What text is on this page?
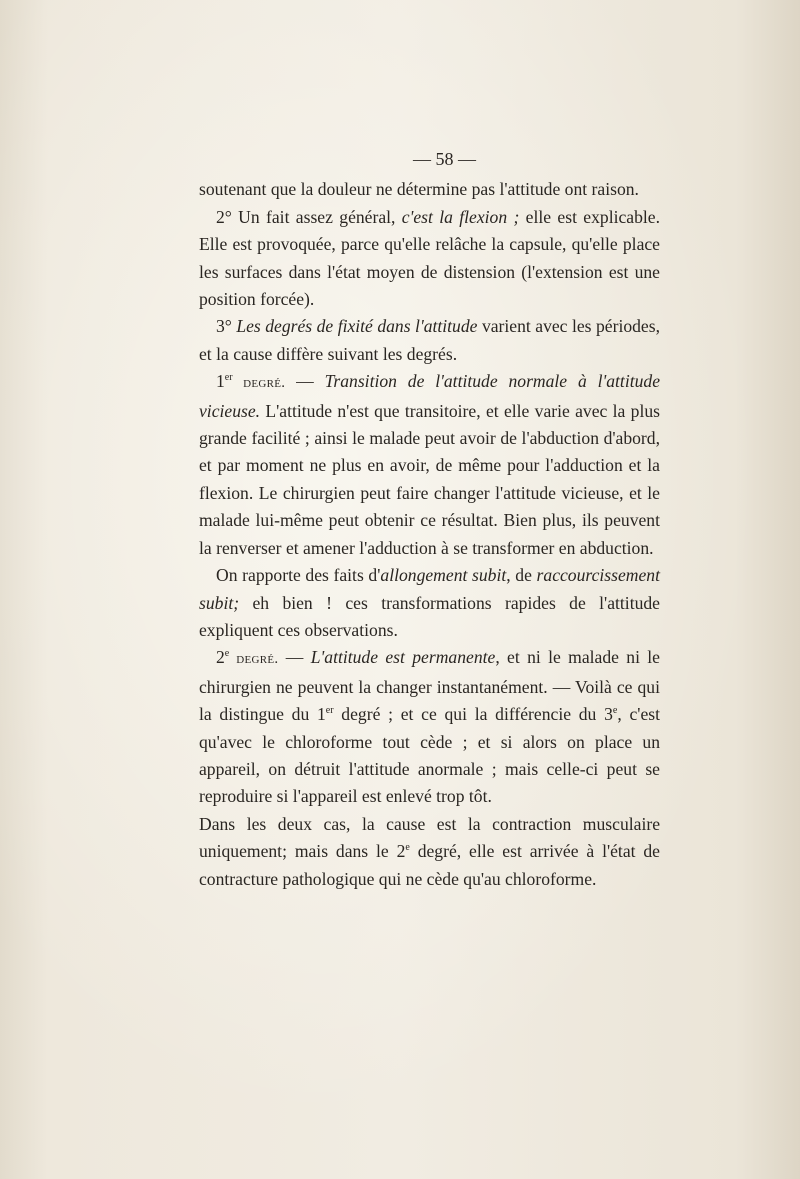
— 58 —

soutenant que la douleur ne détermine pas l'attitude ont raison.

2° Un fait assez général, c'est la flexion ; elle est explicable. Elle est provoquée, parce qu'elle relâche la capsule, qu'elle place les surfaces dans l'état moyen de distension (l'extension est une position forcée).

3° Les degrés de fixité dans l'attitude varient avec les périodes, et la cause diffère suivant les degrés.

1er degré. — Transition de l'attitude normale à l'attitude vicieuse. L'attitude n'est que transitoire, et elle varie avec la plus grande facilité ; ainsi le malade peut avoir de l'abduction d'abord, et par moment ne plus en avoir, de même pour l'adduction et la flexion. Le chirurgien peut faire changer l'attitude vicieuse, et le malade lui-même peut obtenir ce résultat. Bien plus, ils peuvent la renverser et amener l'adduction à se transformer en abduction.

On rapporte des faits d'allongement subit, de raccourcissement subit; eh bien ! ces transformations rapides de l'attitude expliquent ces observations.

2e degré. — L'attitude est permanente, et ni le malade ni le chirurgien ne peuvent la changer instantanément. — Voilà ce qui la distingue du 1er degré ; et ce qui la différencie du 3e, c'est qu'avec le chloroforme tout cède ; et si alors on place un appareil, on détruit l'attitude anormale ; mais celle-ci peut se reproduire si l'appareil est enlevé trop tôt.

Dans les deux cas, la cause est la contraction musculaire uniquement; mais dans le 2e degré, elle est arrivée à l'état de contracture pathologique qui ne cède qu'au chloroforme.
